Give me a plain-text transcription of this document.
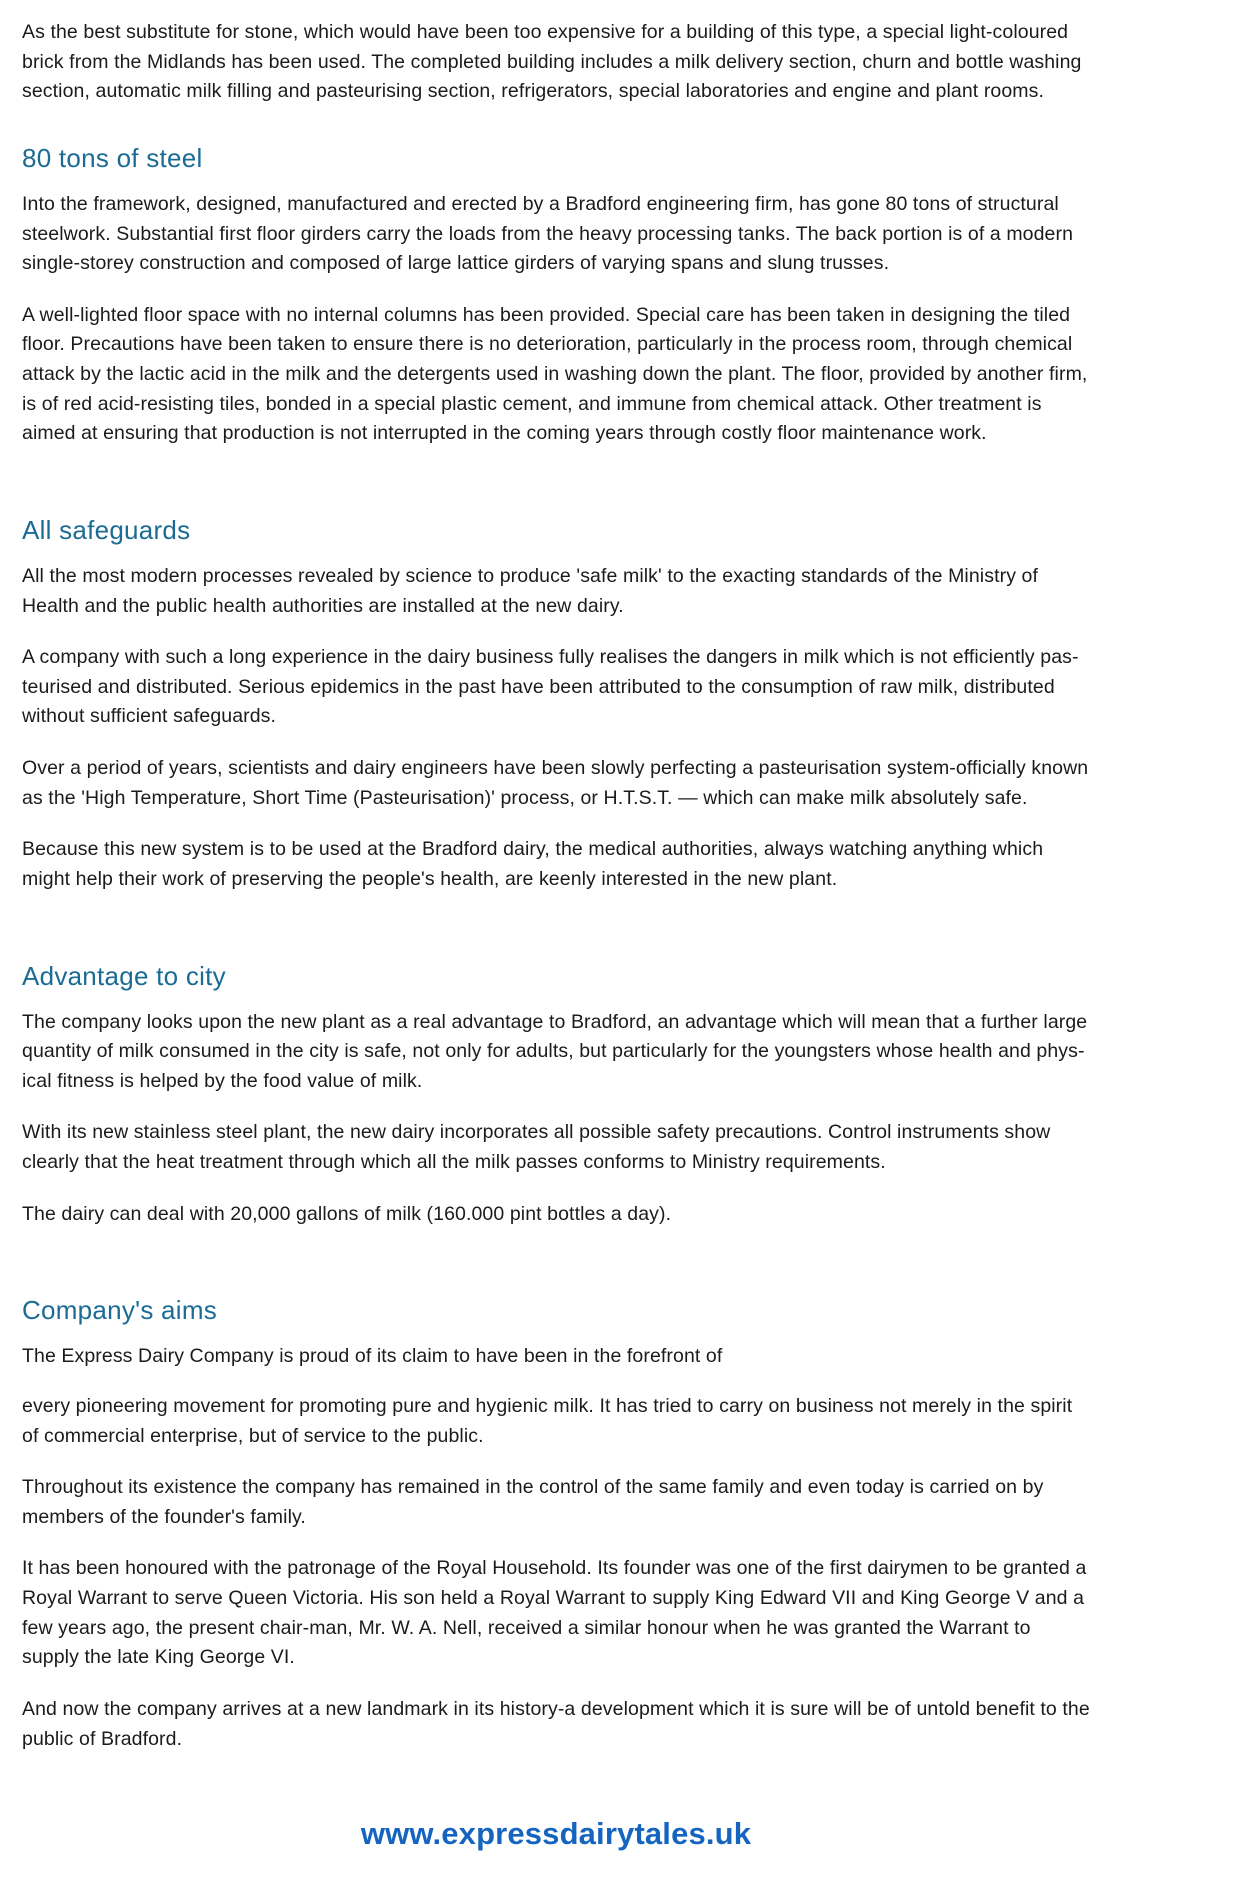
As the best substitute for stone, which would have been too expensive for a building of this type, a special light-coloured brick from the Midlands has been used. The completed building includes a milk delivery section, churn and bottle washing section, automatic milk filling and pasteurising section, refrigerators, special laboratories and engine and plant rooms.

80 tons of steel

Into the framework, designed, manufactured and erected by a Bradford engineering firm, has gone 80 tons of structural steelwork. Substantial first floor girders carry the loads from the heavy processing tanks. The back portion is of a modern single-storey construction and composed of large lattice girders of varying spans and slung trusses.

A well-lighted floor space with no internal columns has been provided. Special care has been taken in designing the tiled floor. Precautions have been taken to ensure there is no deterioration, particularly in the process room, through chemical attack by the lactic acid in the milk and the detergents used in washing down the plant. The floor, provided by another firm, is of red acid-resisting tiles, bonded in a special plastic cement, and immune from chemical attack. Other treatment is aimed at ensuring that production is not interrupted in the coming years through costly floor maintenance work.

All safeguards

All the most modern processes revealed by science to produce 'safe milk' to the exacting standards of the Ministry of Health and the public health authorities are installed at the new dairy.

A company with such a long experience in the dairy business fully realises the dangers in milk which is not efficiently pas-teurised and distributed. Serious epidemics in the past have been attributed to the consumption of raw milk, distributed without sufficient safeguards.

Over a period of years, scientists and dairy engineers have been slowly perfecting a pasteurisation system-officially known as the 'High Temperature, Short Time (Pasteurisation)' process, or H.T.S.T. — which can make milk absolutely safe.

Because this new system is to be used at the Bradford dairy, the medical authorities, always watching anything which might help their work of preserving the people's health, are keenly interested in the new plant.

Advantage to city

The company looks upon the new plant as a real advantage to Bradford, an advantage which will mean that a further large quantity of milk consumed in the city is safe, not only for adults, but particularly for the youngsters whose health and phys-ical fitness is helped by the food value of milk.

With its new stainless steel plant, the new dairy incorporates all possible safety precautions. Control instruments show clearly that the heat treatment through which all the milk passes conforms to Ministry requirements.

The dairy can deal with 20,000 gallons of milk (160.000 pint bottles a day).

Company's aims

The Express Dairy Company is proud of its claim to have been in the forefront of

every pioneering movement for promoting pure and hygienic milk. It has tried to carry on business not merely in the spirit of commercial enterprise, but of service to the public.

Throughout its existence the company has remained in the control of the same family and even today is carried on by members of the founder's family.

It has been honoured with the patronage of the Royal Household. Its founder was one of the first dairymen to be granted a Royal Warrant to serve Queen Victoria. His son held a Royal Warrant to supply King Edward VII and King George V and a few years ago, the present chair-man, Mr. W. A. Nell, received a similar honour when he was granted the Warrant to supply the late King George VI.

And now the company arrives at a new landmark in its history-a development which it is sure will be of untold benefit to the public of Bradford.

www.expressdairytales.uk
